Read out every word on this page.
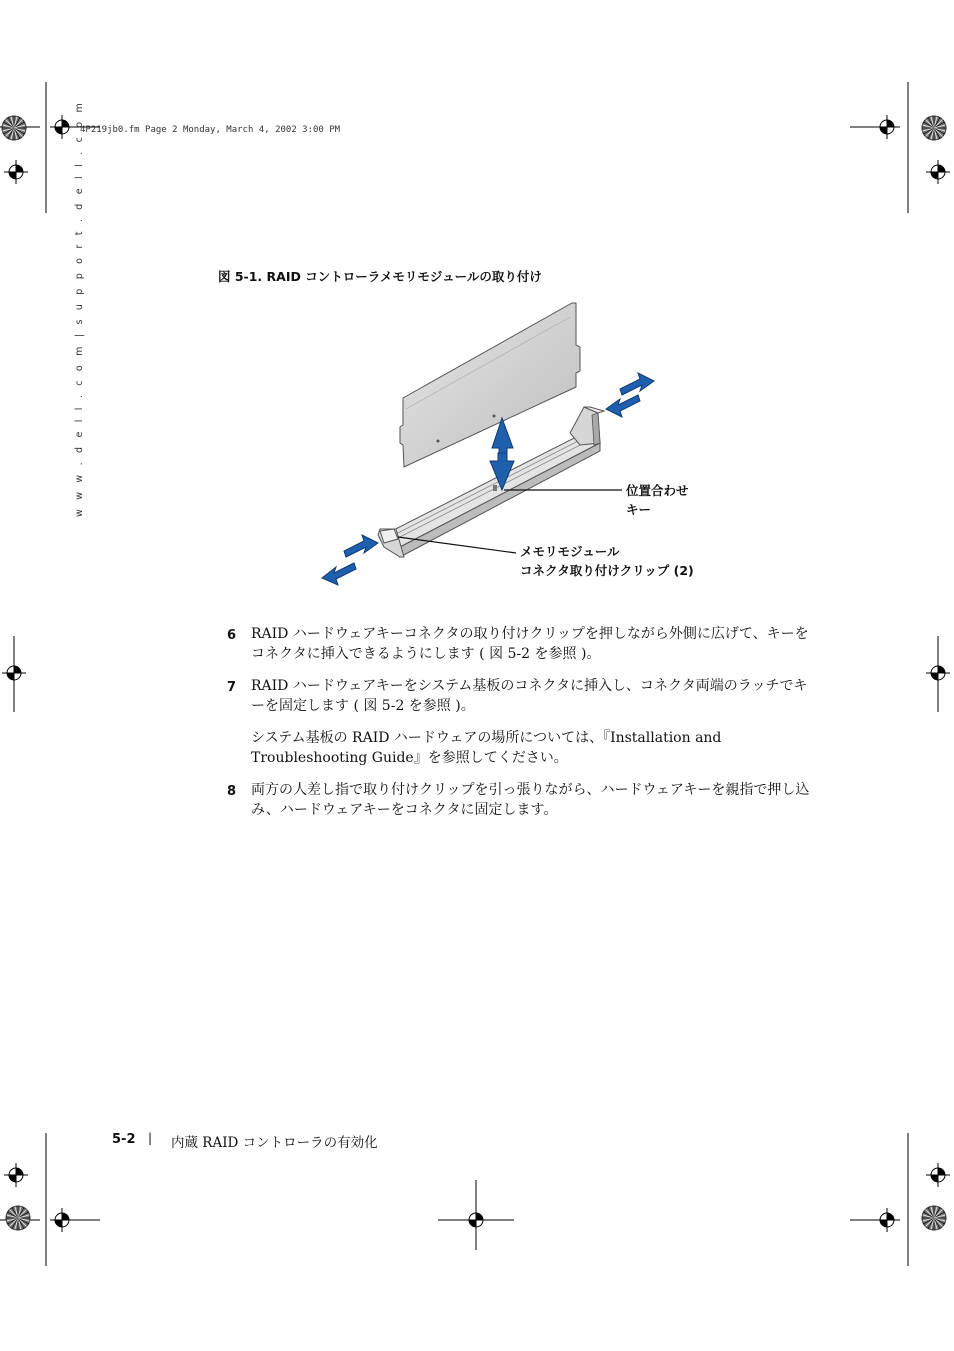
4P219jb0.fm Page 2 Monday, March 4, 2002 3:00 PM
w w w . d e l l . c o m | s u p p o r t . d e l l . c o m	図 5-1. RAID コントローラメモリモジュールの取り付け
位置合わせ
キー
メモリモジュール
コネクタ取り付けクリップ (2)
6 RAID ハードウェアキーコネクタの取り付けクリップを押しながら外側に広げて、キーをコネクタに挿入できるようにします ( 図 5-2 を参照 )。
7 RAID ハードウェアキーをシステム基板のコネクタに挿入し、コネクタ両端のラッチでキーを固定します ( 図 5-2 を参照 )。
システム基板の RAID ハードウェアの場所については、『Installation and Troubleshooting Guide』を参照してください。
8 両方の人差し指で取り付けクリップを引っ張りながら、ハードウェアキーを親指で押し込み、ハードウェアキーをコネクタに固定します。
5-2 | 内蔵 RAID コントローラの有効化
